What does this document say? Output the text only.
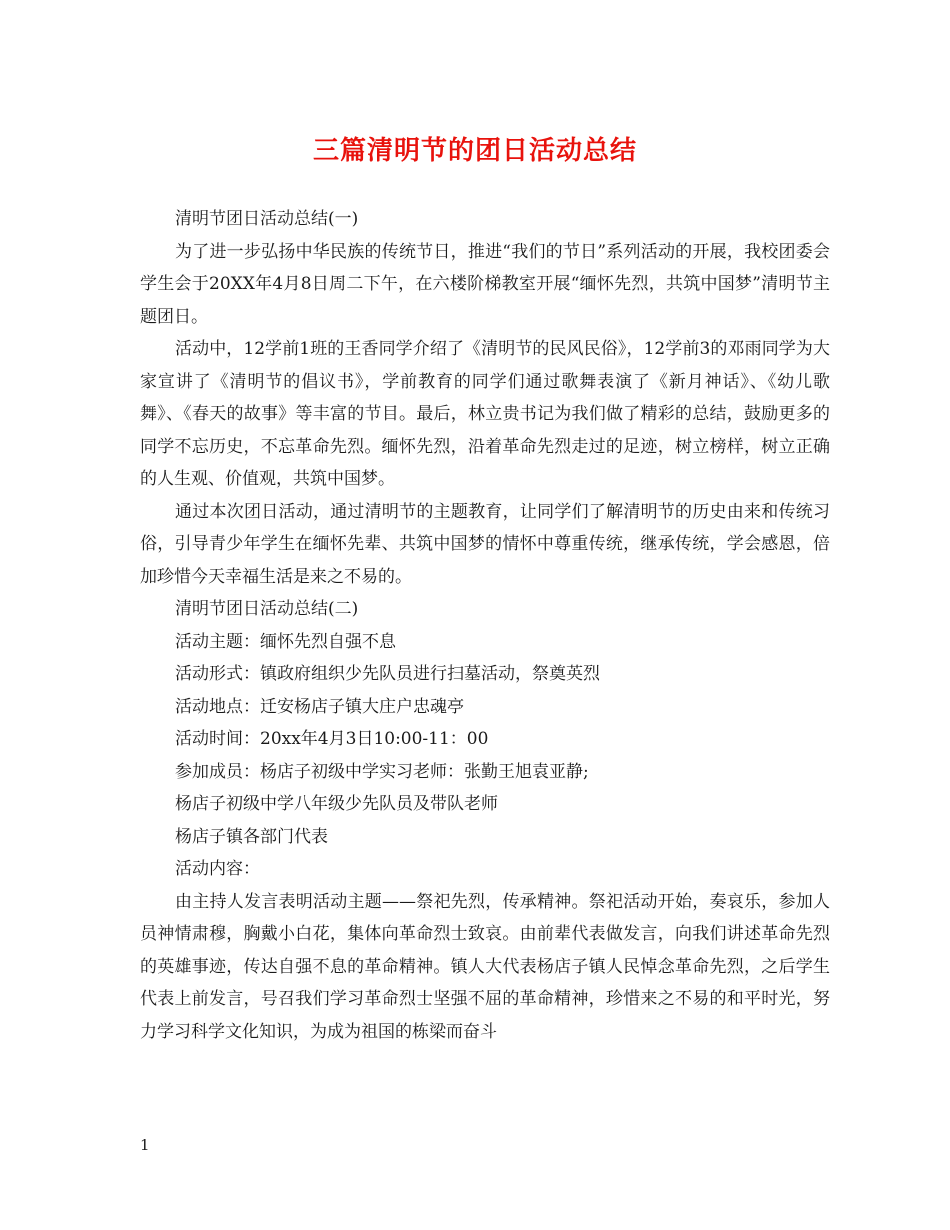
三篇清明节的团日活动总结

清明节团日活动总结(一)

为了进一步弘扬中华民族的传统节日，推进“我们的节日”系列活动的开展，我校团委会学生会于20XX年4月8日周二下午，在六楼阶梯教室开展“缅怀先烈，共筑中国梦”清明节主题团日。

活动中，12学前1班的王香同学介绍了《清明节的民风民俗》，12学前3的邓雨同学为大家宣讲了《清明节的倡议书》，学前教育的同学们通过歌舞表演了《新月神话》、《幼儿歌舞》、《春天的故事》等丰富的节目。最后，林立贵书记为我们做了精彩的总结，鼓励更多的同学不忘历史，不忘革命先烈。缅怀先烈，沿着革命先烈走过的足迹，树立榜样，树立正确的人生观、价值观，共筑中国梦。

通过本次团日活动，通过清明节的主题教育，让同学们了解清明节的历史由来和传统习俗，引导青少年学生在缅怀先辈、共筑中国梦的情怀中尊重传统，继承传统，学会感恩，倍加珍惜今天幸福生活是来之不易的。

清明节团日活动总结(二)

活动主题：缅怀先烈自强不息

活动形式：镇政府组织少先队员进行扫墓活动，祭奠英烈

活动地点：迁安杨店子镇大庄户忠魂亭

活动时间：20xx年4月3日10:00-11：00

参加成员：杨店子初级中学实习老师：张勤王旭袁亚静;

杨店子初级中学八年级少先队员及带队老师

杨店子镇各部门代表

活动内容：

由主持人发言表明活动主题——祭祀先烈，传承精神。祭祀活动开始，奏哀乐，参加人员神情肃穆，胸戴小白花，集体向革命烈士致哀。由前辈代表做发言，向我们讲述革命先烈的英雄事迹，传达自强不息的革命精神。镇人大代表杨店子镇人民悼念革命先烈，之后学生代表上前发言，号召我们学习革命烈士坚强不屈的革命精神，珍惜来之不易的和平时光，努力学习科学文化知识，为成为祖国的栋梁而奋斗

1
